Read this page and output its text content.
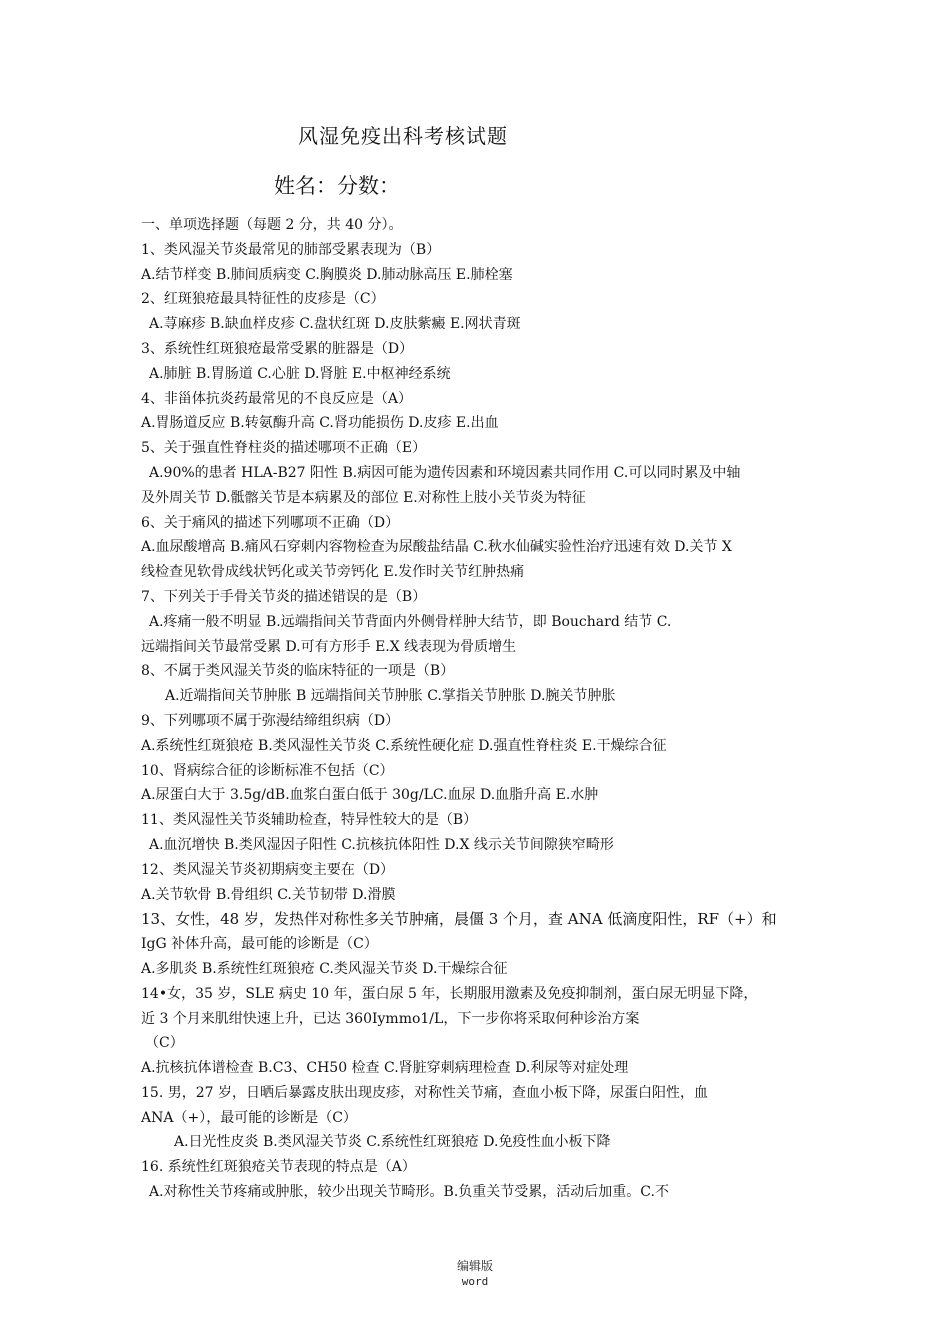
风湿免疫出科考核试题
姓名：分数：
一、单项选择题（每题 2 分，共 40 分）。
1、类风湿关节炎最常见的肺部受累表现为（B）
A.结节样变 B.肺间质病变 C.胸膜炎 D.肺动脉高压 E.肺栓塞
2、红斑狼疮最具特征性的皮疹是（C）
A.荨麻疹 B.缺血样皮疹 C.盘状红斑 D.皮肤紫癜 E.网状青斑
3、系统性红斑狼疮最常受累的脏器是（D）
A.肺脏 B.胃肠道 C.心脏 D.肾脏 E.中枢神经系统
4、非甾体抗炎药最常见的不良反应是（A）
A.胃肠道反应 B.转氨酶升高 C.肾功能损伤 D.皮疹 E.出血
5、关于强直性脊柱炎的描述哪项不正确（E）
A.90%的患者 HLA-B27 阳性 B.病因可能为遗传因素和环境因素共同作用 C.可以同时累及中轴
及外周关节 D.骶髂关节是本病累及的部位 E.对称性上肢小关节炎为特征
6、关于痛风的描述下列哪项不正确（D）
A.血尿酸增高 B.痛风石穿刺内容物检查为尿酸盐结晶 C.秋水仙碱实验性治疗迅速有效 D.关节 X
线检查见软骨成线状钙化或关节旁钙化 E.发作时关节红肿热痛
7、下列关于手骨关节炎的描述错误的是（B）
A.疼痛一般不明显 B.远端指间关节背面内外侧骨样肿大结节，即 Bouchard 结节 C.
远端指间关节最常受累 D.可有方形手 E.X 线表现为骨质增生
8、不属于类风湿关节炎的临床特征的一项是（B）
A.近端指间关节肿胀 B 远端指间关节肿胀 C.掌指关节肿胀 D.腕关节肿胀
9、下列哪项不属于弥漫结缔组织病（D）
A.系统性红斑狼疮 B.类风湿性关节炎 C.系统性硬化症 D.强直性脊柱炎 E.干燥综合征
10、肾病综合征的诊断标准不包括（C）
A.尿蛋白大于 3.5g/dB.血浆白蛋白低于 30g/LC.血尿 D.血脂升高 E.水肿
11、类风湿性关节炎辅助检查，特异性较大的是（B）
A.血沉增快 B.类风湿因子阳性 C.抗核抗体阳性 D.X 线示关节间隙狭窄畸形
12、类风湿关节炎初期病变主要在（D）
A.关节软骨 B.骨组织 C.关节韧带 D.滑膜
13、女性，48 岁，发热伴对称性多关节肿痛，晨僵 3 个月，查 ANA 低滴度阳性，RF（+）和
IgG 补体升高，最可能的诊断是（C）
A.多肌炎 B.系统性红斑狼疮 C.类风湿关节炎 D.干燥综合征
14•女，35 岁，SLE 病史 10 年，蛋白尿 5 年，长期服用激素及免疫抑制剂，蛋白尿无明显下降，
近 3 个月来肌绀快速上升，已达 360Iymmo1/L，下一步你将采取何种诊治方案
（C）
A.抗核抗体谱检查 B.C3、CH50 检查 C.肾脏穿刺病理检查 D.利尿等对症处理
15. 男，27 岁，日晒后暴露皮肤出现皮疹，对称性关节痛，查血小板下降，尿蛋白阳性，血
ANA（+），最可能的诊断是（C）
A.日光性皮炎 B.类风湿关节炎 C.系统性红斑狼疮 D.免疫性血小板下降
16. 系统性红斑狼疮关节表现的特点是（A）
A.对称性关节疼痛或肿胀，较少出现关节畸形。B.负重关节受累，活动后加重。C.不
编辑版
word
